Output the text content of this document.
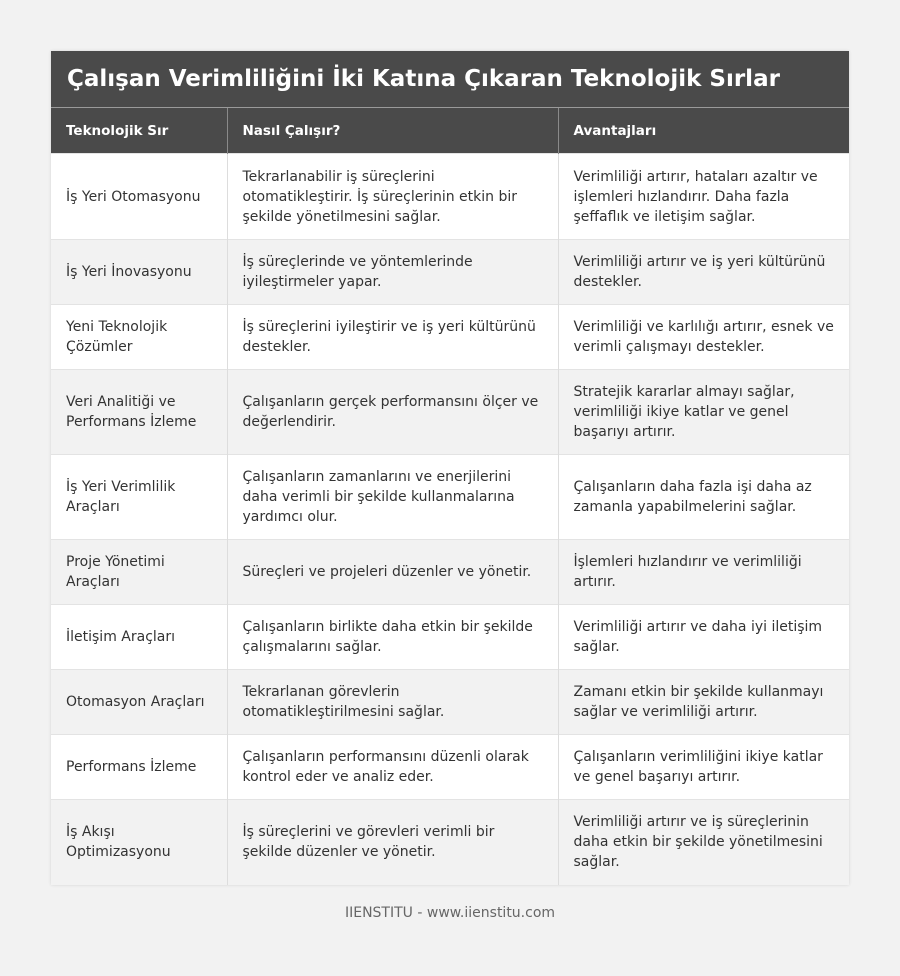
Çalışan Verimliliğini İki Katına Çıkaran Teknolojik Sırlar
Teknolojik Sır	Nasıl Çalışır?	Avantajları
İş Yeri Otomasyonu	Tekrarlanabilir iş süreçlerini otomatikleştirir. İş süreçlerinin etkin bir şekilde yönetilmesini sağlar.	Verimliliği artırır, hataları azaltır ve işlemleri hızlandırır. Daha fazla şeffaflık ve iletişim sağlar.
İş Yeri İnovasyonu	İş süreçlerinde ve yöntemlerinde iyileştirmeler yapar.	Verimliliği artırır ve iş yeri kültürünü destekler.
Yeni Teknolojik Çözümler	İş süreçlerini iyileştirir ve iş yeri kültürünü destekler.	Verimliliği ve karlılığı artırır, esnek ve verimli çalışmayı destekler.
Veri Analitiği ve Performans İzleme	Çalışanların gerçek performansını ölçer ve değerlendirir.	Stratejik kararlar almayı sağlar, verimliliği ikiye katlar ve genel başarıyı artırır.
İş Yeri Verimlilik Araçları	Çalışanların zamanlarını ve enerjilerini daha verimli bir şekilde kullanmalarına yardımcı olur.	Çalışanların daha fazla işi daha az zamanla yapabilmelerini sağlar.
Proje Yönetimi Araçları	Süreçleri ve projeleri düzenler ve yönetir.	İşlemleri hızlandırır ve verimliliği artırır.
İletişim Araçları	Çalışanların birlikte daha etkin bir şekilde çalışmalarını sağlar.	Verimliliği artırır ve daha iyi iletişim sağlar.
Otomasyon Araçları	Tekrarlanan görevlerin otomatikleştirilmesini sağlar.	Zamanı etkin bir şekilde kullanmayı sağlar ve verimliliği artırır.
Performans İzleme	Çalışanların performansını düzenli olarak kontrol eder ve analiz eder.	Çalışanların verimliliğini ikiye katlar ve genel başarıyı artırır.
İş Akışı Optimizasyonu	İş süreçlerini ve görevleri verimli bir şekilde düzenler ve yönetir.	Verimliliği artırır ve iş süreçlerinin daha etkin bir şekilde yönetilmesini sağlar.
IIENSTITU - www.iienstitu.com
